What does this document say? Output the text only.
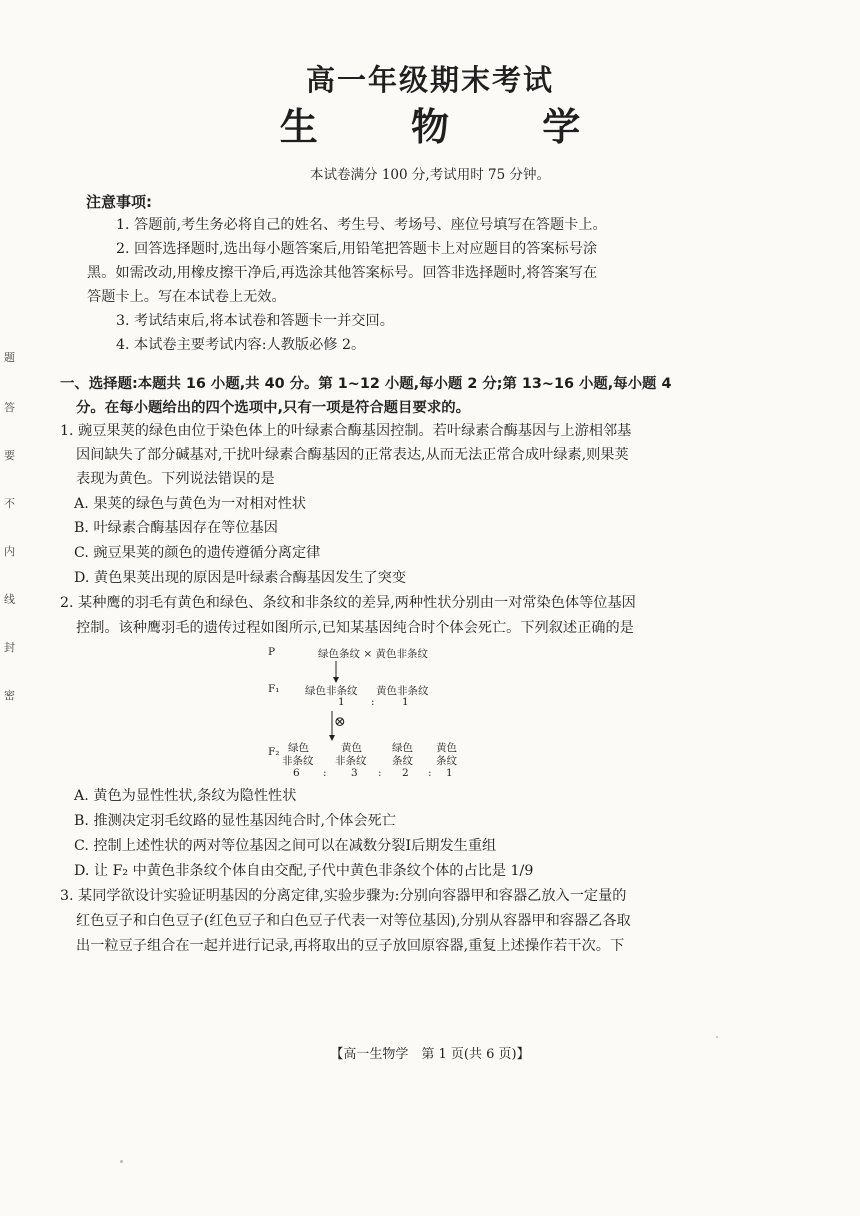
高一年级期末考试
生 物 学
本试卷满分 100 分,考试用时 75 分钟。
注意事项:
1. 答题前,考生务必将自己的姓名、考生号、考场号、座位号填写在答题卡上。
2. 回答选择题时,选出每小题答案后,用铅笔把答题卡上对应题目的答案标号涂
黑。如需改动,用橡皮擦干净后,再选涂其他答案标号。回答非选择题时,将答案写在
答题卡上。写在本试卷上无效。
3. 考试结束后,将本试卷和答题卡一并交回。
4. 本试卷主要考试内容:人教版必修 2。
题
答
要
不
内
线
封
密
一、选择题:本题共 16 小题,共 40 分。第 1~12 小题,每小题 2 分;第 13~16 小题,每小题 4
分。在每小题给出的四个选项中,只有一项是符合题目要求的。
1. 豌豆果荚的绿色由位于染色体上的叶绿素合酶基因控制。若叶绿素合酶基因与上游相邻基
因间缺失了部分碱基对,干扰叶绿素合酶基因的正常表达,从而无法正常合成叶绿素,则果荚
表现为黄色。下列说法错误的是
A. 果荚的绿色与黄色为一对相对性状
B. 叶绿素合酶基因存在等位基因
C. 豌豆果荚的颜色的遗传遵循分离定律
D. 黄色果荚出现的原因是叶绿素合酶基因发生了突变
2. 某种鹰的羽毛有黄色和绿色、条纹和非条纹的差异,两种性状分别由一对常染色体等位基因
控制。该种鹰羽毛的遗传过程如图所示,已知某基因纯合时个体会死亡。下列叙述正确的是
P	绿色条纹 × 黄色非条纹
F₁ 绿色非条纹 黄色非条纹
1	:	1
⊗
F₂ 绿色
非条纹
黄色
非条纹
绿色
条纹
黄色
条纹
6 : 3 : 2 : 1
A. 黄色为显性性状,条纹为隐性性状
B. 推测决定羽毛纹路的显性基因纯合时,个体会死亡
C. 控制上述性状的两对等位基因之间可以在减数分裂Ⅰ后期发生重组
D. 让 F₂ 中黄色非条纹个体自由交配,子代中黄色非条纹个体的占比是 1/9
3. 某同学欲设计实验证明基因的分离定律,实验步骤为:分别向容器甲和容器乙放入一定量的
红色豆子和白色豆子(红色豆子和白色豆子代表一对等位基因),分别从容器甲和容器乙各取
出一粒豆子组合在一起并进行记录,再将取出的豆子放回原容器,重复上述操作若干次。下
【高一生物学　第 1 页(共 6 页)】
